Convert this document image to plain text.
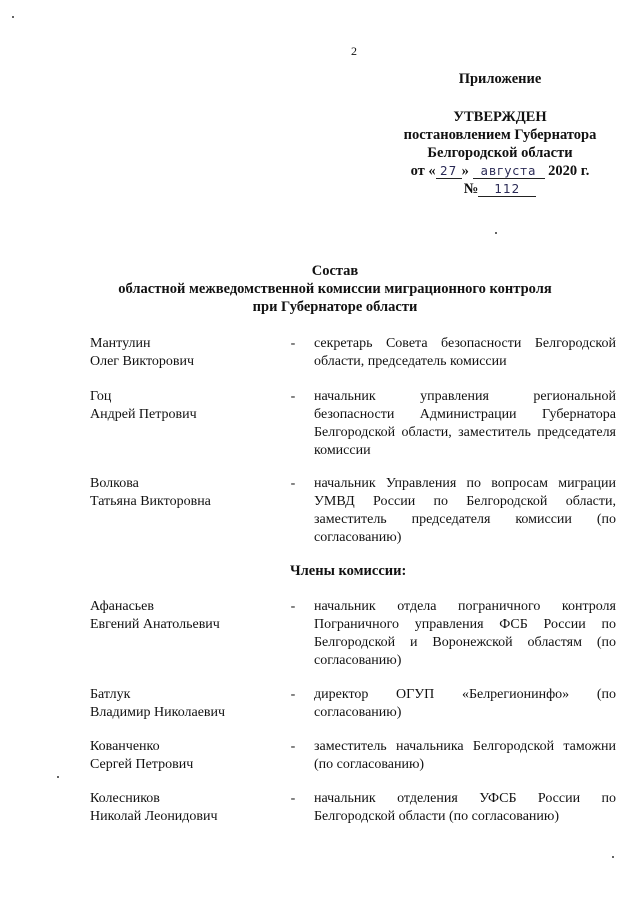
2
Приложение
УТВЕРЖДЕН
постановлением Губернатора
Белгородской области
от « 27 » августа 2020 г.
№ 112
Состав
областной межведомственной комиссии миграционного контроля
при Губернаторе области
Мантулин
Олег Викторович
- секретарь Совета безопасности Белгородской области, председатель комиссии
Гоц
Андрей Петрович
- начальник управления региональной безопасности Администрации Губернатора Белгородской области, заместитель председателя комиссии
Волкова
Татьяна Викторовна
- начальник Управления по вопросам миграции УМВД России по Белгородской области, заместитель председателя комиссии (по согласованию)
Члены комиссии:
Афанасьев
Евгений Анатольевич
- начальник отдела пограничного контроля Пограничного управления ФСБ России по Белгородской и Воронежской областям (по согласованию)
Батлук
Владимир Николаевич
- директор ОГУП «Белрегионинфо» (по согласованию)
Кованченко
Сергей Петрович
- заместитель начальника Белгородской таможни (по согласованию)
Колесников
Николай Леонидович
- начальник отделения УФСБ России по Белгородской области (по согласованию)
